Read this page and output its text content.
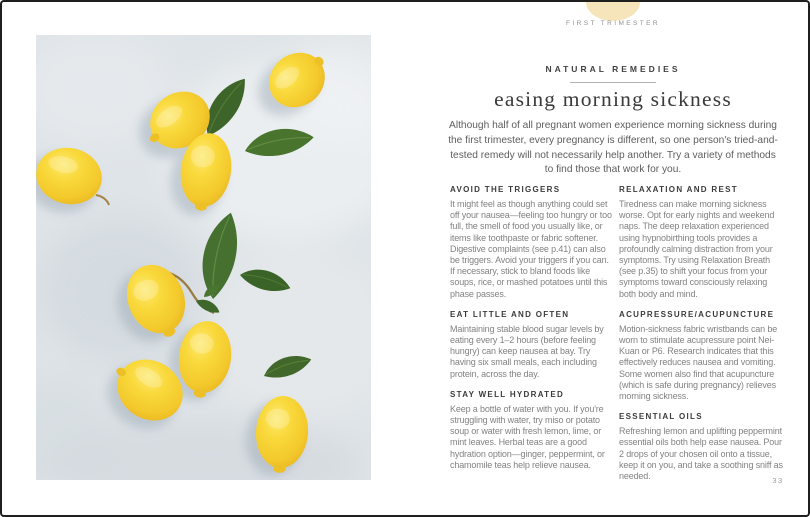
FIRST TRIMESTER
NATURAL REMEDIES
easing morning sickness

Although half of all pregnant women experience morning sickness during the first trimester, every pregnancy is different, so one person's tried-and-tested remedy will not necessarily help another. Try a variety of methods to find those that work for you.

AVOID THE TRIGGERS

It might feel as though anything could set off your nausea—feeling too hungry or too full, the smell of food you usually like, or items like toothpaste or fabric softener. Digestive complaints (see p.41) can also be triggers. Avoid your triggers if you can. If necessary, stick to bland foods like soups, rice, or mashed potatoes until this phase passes.

EAT LITTLE AND OFTEN

Maintaining stable blood sugar levels by eating every 1–2 hours (before feeling hungry) can keep nausea at bay. Try having six small meals, each including protein, across the day.

STAY WELL HYDRATED

Keep a bottle of water with you. If you're struggling with water, try miso or potato soup or water with fresh lemon, lime, or mint leaves. Herbal teas are a good hydration option—ginger, peppermint, or chamomile teas help relieve nausea.

RELAXATION AND REST

Tiredness can make morning sickness worse. Opt for early nights and weekend naps. The deep relaxation experienced using hypnobirthing tools provides a profoundly calming distraction from your symptoms. Try using Relaxation Breath (see p.35) to shift your focus from your symptoms toward consciously relaxing both body and mind.

ACUPRESSURE/ACUPUNCTURE

Motion-sickness fabric wristbands can be worn to stimulate acupressure point Nei-Kuan or P6. Research indicates that this effectively reduces nausea and vomiting. Some women also find that acupuncture (which is safe during pregnancy) relieves morning sickness.

ESSENTIAL OILS

Refreshing lemon and uplifting peppermint essential oils both help ease nausea. Pour 2 drops of your chosen oil onto a tissue, keep it on you, and take a soothing sniff as needed.	33
